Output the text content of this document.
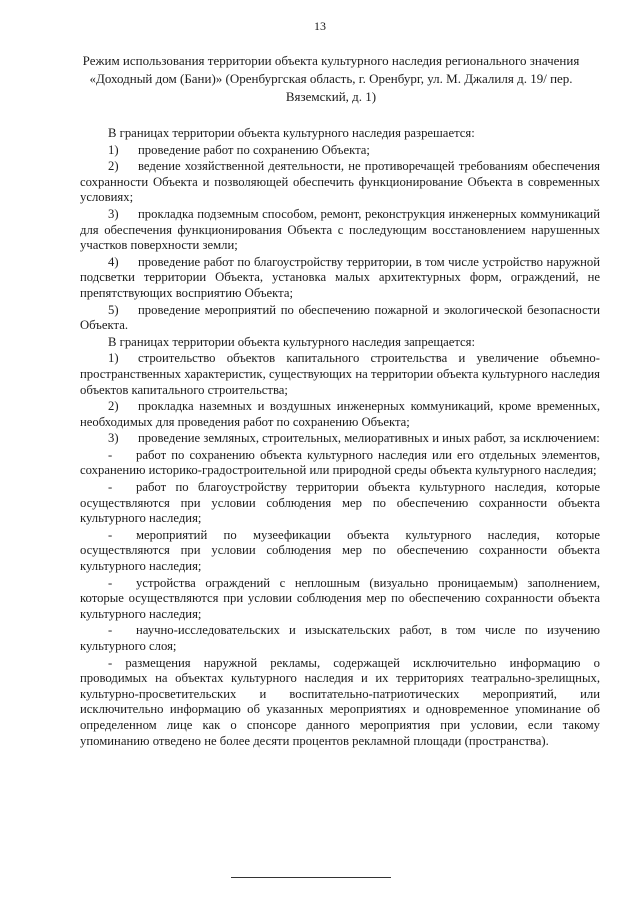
13
Режим использования территории объекта культурного наследия регионального значения «Доходный дом (Бани)» (Оренбургская область, г. Оренбург, ул. М. Джалиля д. 19/ пер. Вяземский, д. 1)

В границах территории объекта культурного наследия разрешается:

1) проведение работ по сохранению Объекта;

2) ведение хозяйственной деятельности, не противоречащей требованиям обеспечения сохранности Объекта и позволяющей обеспечить функционирование Объекта в современных условиях;

3) прокладка подземным способом, ремонт, реконструкция инженерных коммуникаций для обеспечения функционирования Объекта с последующим восстановлением нарушенных участков поверхности земли;

4) проведение работ по благоустройству территории, в том числе устройство наружной подсветки территории Объекта, установка малых архитектурных форм, ограждений, не препятствующих восприятию Объекта;

5) проведение мероприятий по обеспечению пожарной и экологической безопасности Объекта.

В границах территории объекта культурного наследия запрещается:

1) строительство объектов капитального строительства и увеличение объемно- пространственных характеристик, существующих на территории объекта культурного наследия объектов капитального строительства;

2) прокладка наземных и воздушных инженерных коммуникаций, кроме временных, необходимых для проведения работ по сохранению Объекта;

3) проведение земляных, строительных, мелиоративных и иных работ, за исключением:

- работ по сохранению объекта культурного наследия или его отдельных элементов, сохранению историко-градостроительной или природной среды объекта культурного наследия;

- работ по благоустройству территории объекта культурного наследия, которые осуществляются при условии соблюдения мер по обеспечению сохранности объекта культурного наследия;

- мероприятий по музеефикации объекта культурного наследия, которые осуществляются при условии соблюдения мер по обеспечению сохранности объекта культурного наследия;

- устройства ограждений с неплошным (визуально проницаемым) заполнением, которые осуществляются при условии соблюдения мер по обеспечению сохранности объекта культурного наследия;

- научно-исследовательских и изыскательских работ, в том числе по изучению культурного слоя;

- размещения наружной рекламы, содержащей исключительно информацию о проводимых на объектах культурного наследия и их территориях театрально-зрелищных, культурно-просветительских и воспитательно-патриотических мероприятий, или исключительно информацию об указанных мероприятиях и одновременное упоминание об определенном лице как о спонсоре данного мероприятия при условии, если такому упоминанию отведено не более десяти процентов рекламной площади (пространства).
